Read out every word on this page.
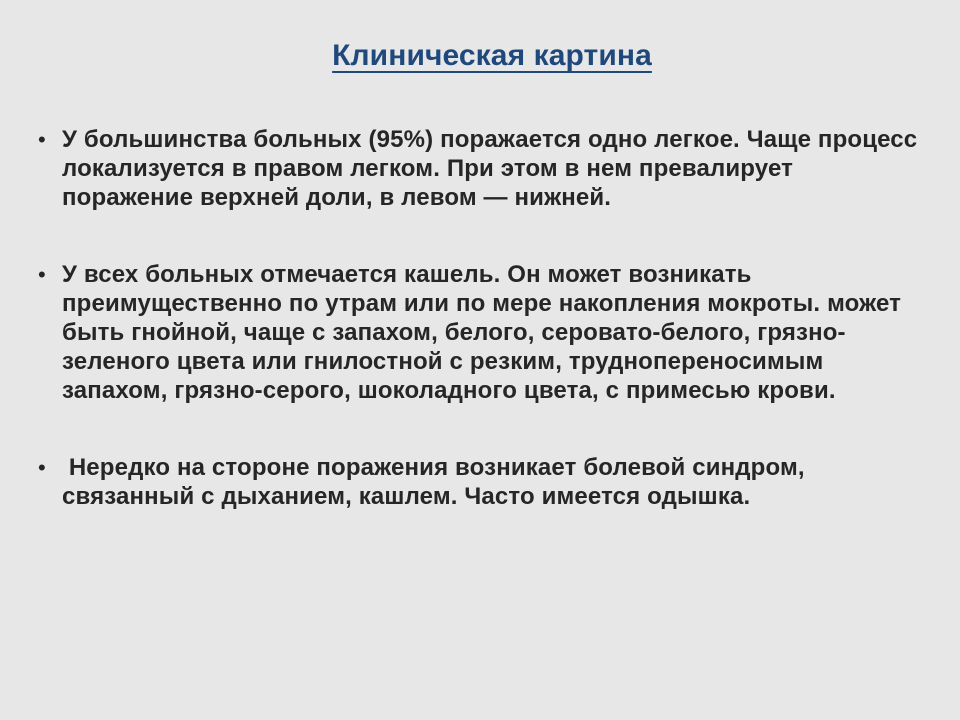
Клиническая картина
• У большинства больных (95%) поражается одно легкое. Чаще процесс локализуется в правом легком. При этом в нем превалирует поражение верхней доли, в левом — нижней.
• У всех больных отмечается кашель. Он может возникать преимущественно по утрам или по мере накопления мокроты. может быть гнойной, чаще с запахом, белого, серовато-белого, грязно-зеленого цвета или гнилостной с резким, труднопереносимым запахом, грязно-серого, шоколадного цвета, с примесью крови.
• Нередко на стороне поражения возникает болевой синдром, связанный с дыханием, кашлем. Часто имеется одышка.
